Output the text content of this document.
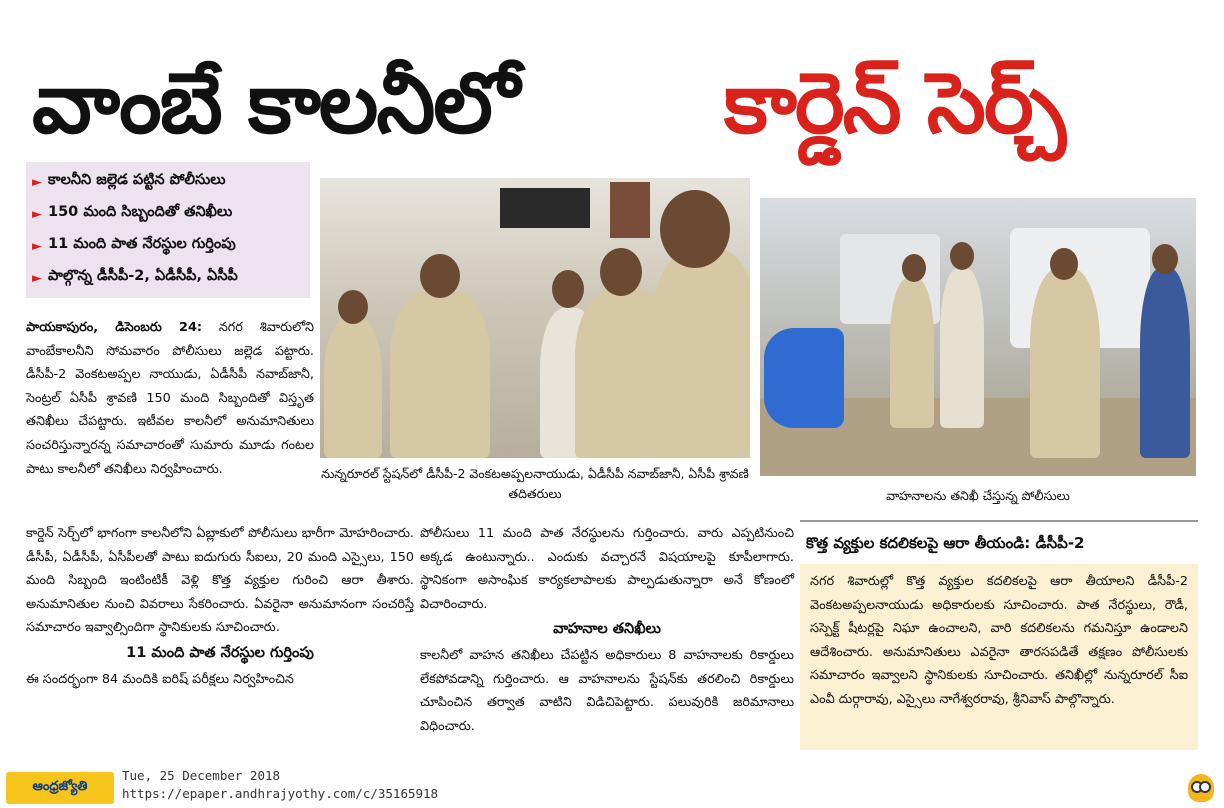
వాంబే కాలనీలో కార్డెన్ సెర్చ్
► కాలనీని జల్లెడ పట్టిన పోలీసులు
► 150 మంది సిబ్బందితో తనిఖీలు
► 11 మంది పాత నేరస్థుల గుర్తింపు
► పాల్గొన్న డీసీపీ-2, ఏడీసీపీ, ఏసీపీ
నున్నరూరల్ స్టేషన్‌లో డీసీపీ-2 వెంకటఅప్పలనాయుడు, ఏడీసీపీ నవాబ్‌జానీ, ఏసీపీ శ్రావణి తదితరులు	వాహనాలను తనిఖీ చేస్తున్న పోలీసులు
పాయకాపురం, డిసెంబరు 24: నగర శివారులోని వాంబేకాలనీని సోమవారం పోలీసులు జల్లెడ పట్టారు. డీసీపీ-2 వెంకటఅప్పల నాయుడు, ఏడీసీపీ నవాబ్‌జానీ, సెంట్రల్ ఏసీపీ శ్రావణి 150 మంది సిబ్బందితో విస్తృత తనిఖీలు చేపట్టారు. ఇటీవల కాలనీలో అనుమానితులు సంచరిస్తున్నారన్న సమాచారంతో సుమారు మూడు గంటల పాటు కాలనీలో తనిఖీలు నిర్వహించారు.

కార్డెన్ సెర్చ్‌లో భాగంగా కాలనీలోని ఏబ్లాకులో పోలీసులు భారీగా మోహరించారు. డీసీపీ, ఏడీసీపీ, ఏసీపీలతో పాటు ఐదుగురు సీఐలు, 20 మంది ఎస్సైలు, 150 మంది సిబ్బంది ఇంటింటికీ వెళ్లి కొత్త వ్యక్తుల గురించి ఆరా తీశారు. అనుమానితుల నుంచి వివరాలు సేకరించారు. ఏవరైనా అనుమానంగా సంచరిస్తే సమాచారం ఇవ్వాల్సిందిగా స్థానికులకు సూచించారు.

11 మంది పాత నేరస్థుల గుర్తింపు

ఈ సందర్భంగా 84 మందికి ఐరిష్ పరీక్షలు నిర్వహించిన

పోలీసులు 11 మంది పాత నేరస్థులను గుర్తించారు. వారు ఎప్పటినుంచి అక్కడ ఉంటున్నారు.. ఎందుకు వచ్చారనే విషయాలపై కూపీలాగారు. స్థానికంగా అసాంఘిక కార్యకలాపాలకు పాల్పడుతున్నారా అనే కోణంలో విచారించారు.

వాహనాల తనిఖీలు

కాలనీలో వాహన తనిఖీలు చేపట్టిన అధికారులు 8 వాహనాలకు రికార్డులు లేకపోవడాన్ని గుర్తించారు. ఆ వాహనాలను స్టేషన్‌కు తరలించి రికార్డులు చూపించిన తర్వాత వాటిని విడిచిపెట్టారు. పలువురికి జరిమానాలు విధించారు.

కొత్త వ్యక్తుల కదలికలపై ఆరా తీయండి: డీసీపీ-2
నగర శివారుల్లో కొత్త వ్యక్తుల కదలికలపై ఆరా తీయాలని డీసీపీ-2 వెంకటఅప్పలనాయుడు అధికారులకు సూచించారు. పాత నేరస్థులు, రౌడీ, సస్పెక్ట్ షీటర్లపై నిఘా ఉంచాలని, వారి కదలికలను గమనిస్తూ ఉండాలని ఆదేశించారు. అనుమానితులు ఎవరైనా తారసపడితే తక్షణం పోలీసులకు సమాచారం ఇవ్వాలని స్థానికులకు సూచించారు. తనిఖీల్లో నున్నరూరల్ సీఐ ఎంవీ దుర్గారావు, ఎస్సైలు నాగేశ్వరరావు, శ్రీనివాస్ పాల్గొన్నారు.
ఆంధ్రజ్యోతి
Tue, 25 December 2018
https://epaper.andhrajyothy.com/c/35165918
